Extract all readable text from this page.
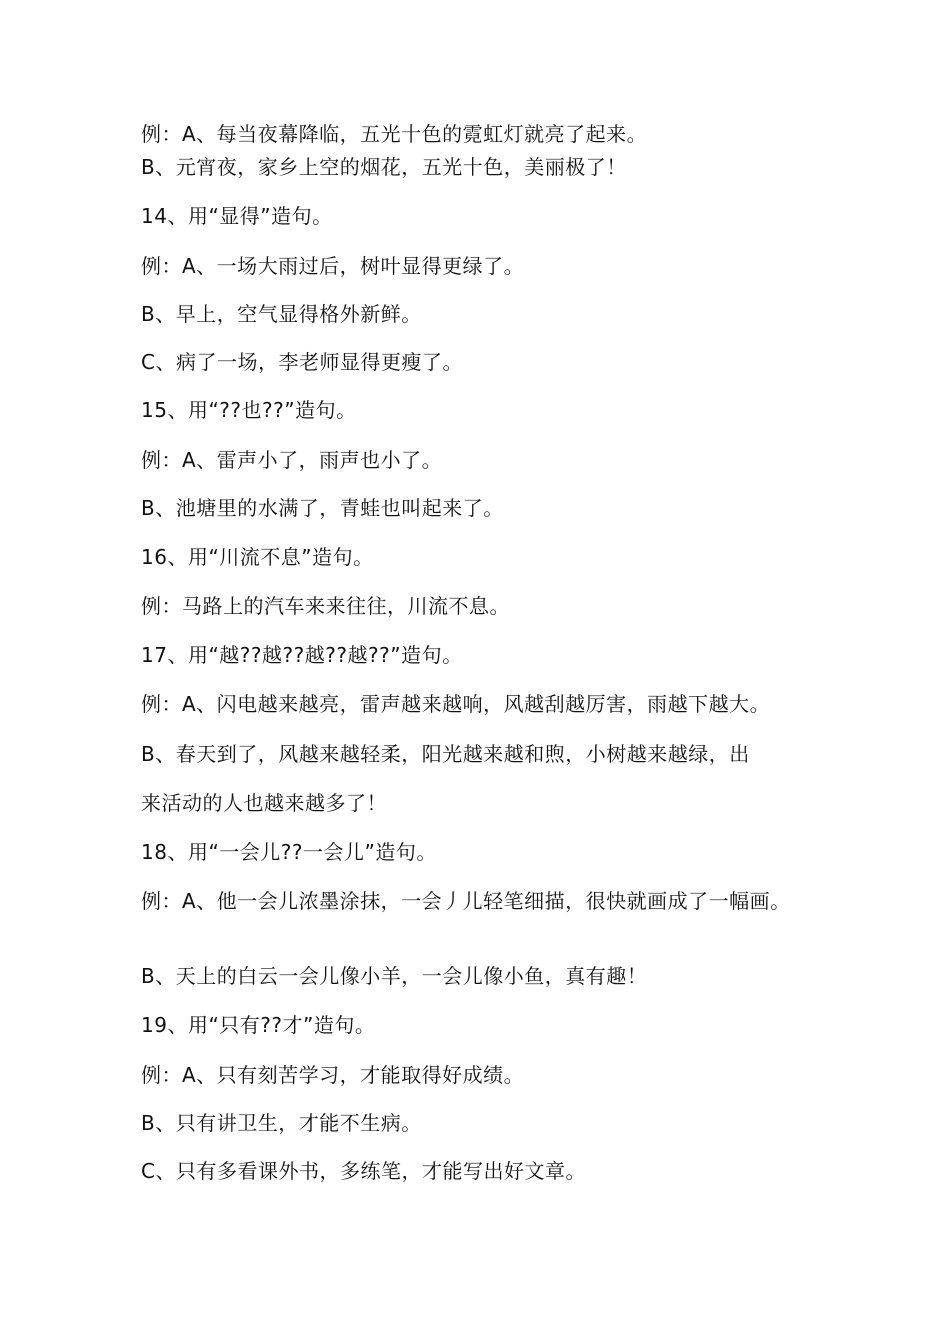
例：A、每当夜幕降临，五光十色的霓虹灯就亮了起来。
B、元宵夜，家乡上空的烟花，五光十色，美丽极了！
14、用“显得”造句。
例：A、一场大雨过后，树叶显得更绿了。
B、早上，空气显得格外新鲜。
C、病了一场，李老师显得更瘦了。
15、用“??也??”造句。
例：A、雷声小了，雨声也小了。
B、池塘里的水满了，青蛙也叫起来了。
16、用“川流不息”造句。
例：马路上的汽车来来往往，川流不息。
17、用“越??越??越??越??”造句。
例：A、闪电越来越亮，雷声越来越响，风越刮越厉害，雨越下越大。
B、春天到了，风越来越轻柔，阳光越来越和煦，小树越来越绿，出
来活动的人也越来越多了！
18、用“一会儿??一会儿”造句。
例：A、他一会儿浓墨涂抹，一会丿儿轻笔细描，很快就画成了一幅画。
B、天上的白云一会儿像小羊，一会儿像小鱼，真有趣！
19、用“只有??才”造句。
例：A、只有刻苦学习，才能取得好成绩。
B、只有讲卫生，才能不生病。
C、只有多看课外书，多练笔，才能写出好文章。
